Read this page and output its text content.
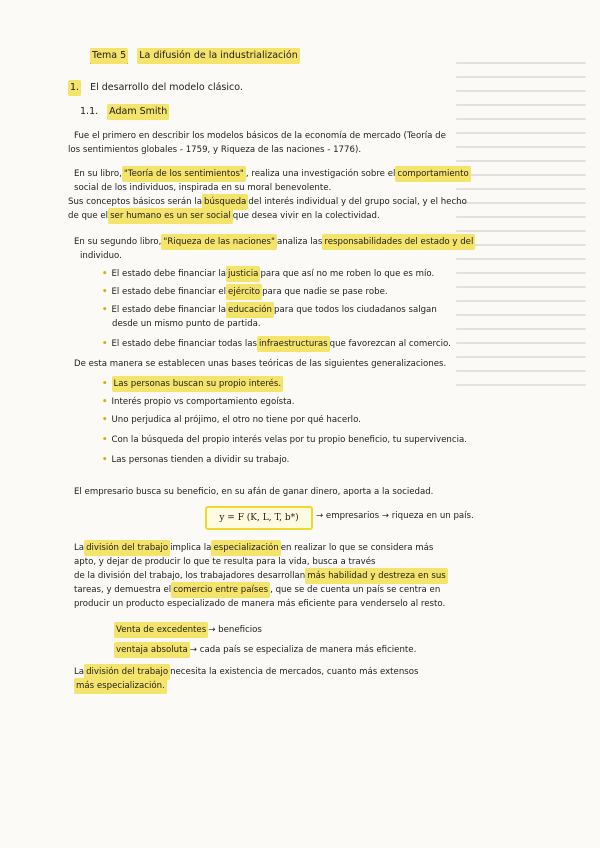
Tema 5 La difusión de la industrialización
1. El desarrollo del modelo clásico.
1.1. Adam Smith
Fue el primero en describir los modelos básicos de la economía de mercado (Teoría de
los sentimientos globales - 1759, y Riqueza de las naciones - 1776).
En su libro,"Teoría de los sentimientos" , realiza una investigación sobre elcomportamiento
social de los individuos, inspirada en su moral benevolente.
Sus conceptos básicos serán labúsquedadel interés individual y del grupo social, y el hecho
de que elser humano es un ser socialque desea vivir en la colectividad.
En su segundo libro,"Riqueza de las naciones"analiza lasresponsabilidades del estado y del
individuo.
• El estado debe financiar lajusticiapara que así no me roben lo que es mío.
• El estado debe financiar elejércitopara que nadie se pase robe.
• El estado debe financiar laeducaciónpara que todos los ciudadanos salgan
desde un mismo punto de partida.
• El estado debe financiar todas lasinfraestructurasque favorezcan al comercio.
De esta manera se establecen unas bases teóricas de las siguientes generalizaciones.
• Las personas buscan su propio interés.
• Interés propio vs comportamiento egoísta.
• Uno perjudica al prójimo, el otro no tiene por qué hacerlo.
• Con la búsqueda del propio interés velas por tu propio beneficio, tu supervivencia.
• Las personas tienden a dividir su trabajo.
El empresario busca su beneficio, en su afán de ganar dinero, aporta a la sociedad.
y = F (K, L, T, b*)	→ empresarios → riqueza en un país.
Ladivisión del trabajoimplica laespecializaciónen realizar lo que se considera más
apto, y dejar de producir lo que te resulta para la vida, busca a través
de la división del trabajo, los trabajadores desarrollanmás habilidad y destreza en sus
tareas, y demuestra elcomercio entre países , que se de cuenta un país se centra en
producir un producto especializado de manera más eficiente para venderselo al resto.
Venta de excedentes→ beneficios
ventaja absoluta→ cada país se especializa de manera más eficiente.
Ladivisión del trabajonecesita la existencia de mercados, cuanto más extensos
más especialización.
